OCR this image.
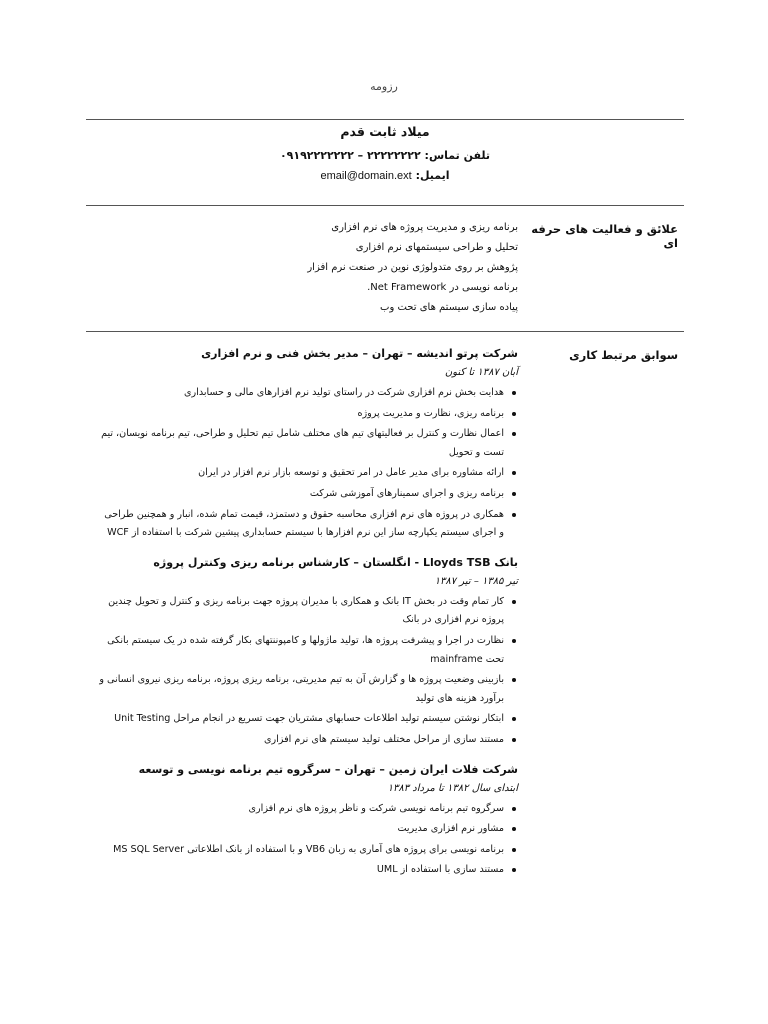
رزومه
میلاد ثابت قدم
تلفن تماس: ۲۲۲۲۲۲۲۲ – ۰۹۱۹۲۲۲۲۲۲۲
ایمیل: email@domain.ext
علائق و فعالیت های حرفه ای
برنامه ریزی و مدیریت پروژه های نرم افزاری
تحلیل و طراحی سیستمهای نرم افزاری
پژوهش بر روی متدولوژی نوین در صنعت نرم افزار
برنامه نویسی در Net Framework.
پیاده سازی سیستم های تحت وب
سوابق مرتبط کاری
شرکت پرتو اندیشه – تهران – مدیر بخش فنی و نرم افزاری
آبان ۱۳۸۷ تا کنون
هدایت بخش نرم افزاری شرکت در راستای تولید نرم افزارهای مالی و حسابداری
برنامه ریزی، نظارت و مدیریت پروژه
اعمال نظارت و کنترل بر فعالیتهای تیم های مختلف شامل تیم تحلیل و طراحی، تیم برنامه نویسان، تیم تست و تحویل
ارائه مشاوره برای مدیر عامل در امر تحقیق و توسعه بازار نرم افزار در ایران
برنامه ریزی و اجرای سمینارهای آموزشی شرکت
همکاری در پروژه های نرم افزاری محاسبه حقوق و دستمزد، قیمت تمام شده، انبار و همچنین طراحی و اجرای سیستم یکپارچه ساز این نرم افزارها با سیستم حسابداری پیشین شرکت با استفاده از WCF
بانک Lloyds TSB - انگلستان – کارشناس برنامه ریزی وکنترل پروژه
تیر ۱۳۸۵ – تیر ۱۳۸۷
کار تمام وقت در بخش IT بانک و همکاری با مدیران پروژه جهت برنامه ریزی و کنترل و تحویل چندین پروژه نرم افزاری در بانک
نظارت در اجرا و پیشرفت پروژه ها، تولید ماژولها و کامپوننتهای بکار گرفته شده در یک سیستم بانکی تحت mainframe
بازبینی وضعیت پروژه ها و گزارش آن به تیم مدیریتی، برنامه ریزی پروژه، برنامه ریزی نیروی انسانی و برآورد هزینه های تولید
ابتکار نوشتن سیستم تولید اطلاعات حسابهای مشتریان جهت تسریع در انجام مراحل Unit Testing
مستند سازی از مراحل مختلف تولید سیستم های نرم افزاری
شرکت فلات ایران زمین – تهران – سرگروه تیم برنامه نویسی و توسعه
ابتدای سال ۱۳۸۲ تا مرداد ۱۳۸۳
سرگروه تیم برنامه نویسی شرکت و ناظر پروژه های نرم افزاری
مشاور نرم افزاری مدیریت
برنامه نویسی برای پروژه های آماری به زبان VB6 و با استفاده از بانک اطلاعاتی MS SQL Server
مستند سازی با استفاده از UML
